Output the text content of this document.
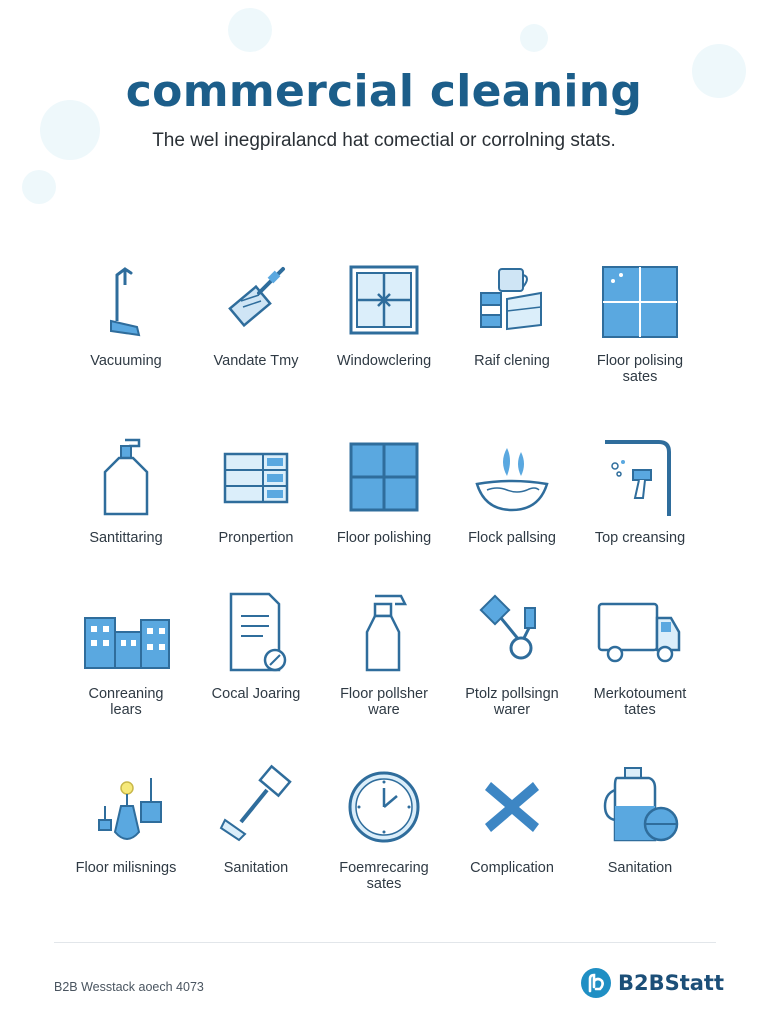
commercial cleaning

The wel inegpiralancd hat comectial or corrolning stats.

Vacuuming	Vandate Tmy	Windowclering	Raif clening	Floor polising
sates
Santittaring	Pronpertion	Floor polishing	Flock pallsing	Top creansing
Conreaning
lears
Cocal Joaring	Floor pollsher
ware
Ptolz pollsingn
warer
Merkotoument
tates
Floor milisnings	Sanitation	Foemrecaring
sates
Complication	Sanitation
B2B Wesstack aoech 4073	B2BStatt
